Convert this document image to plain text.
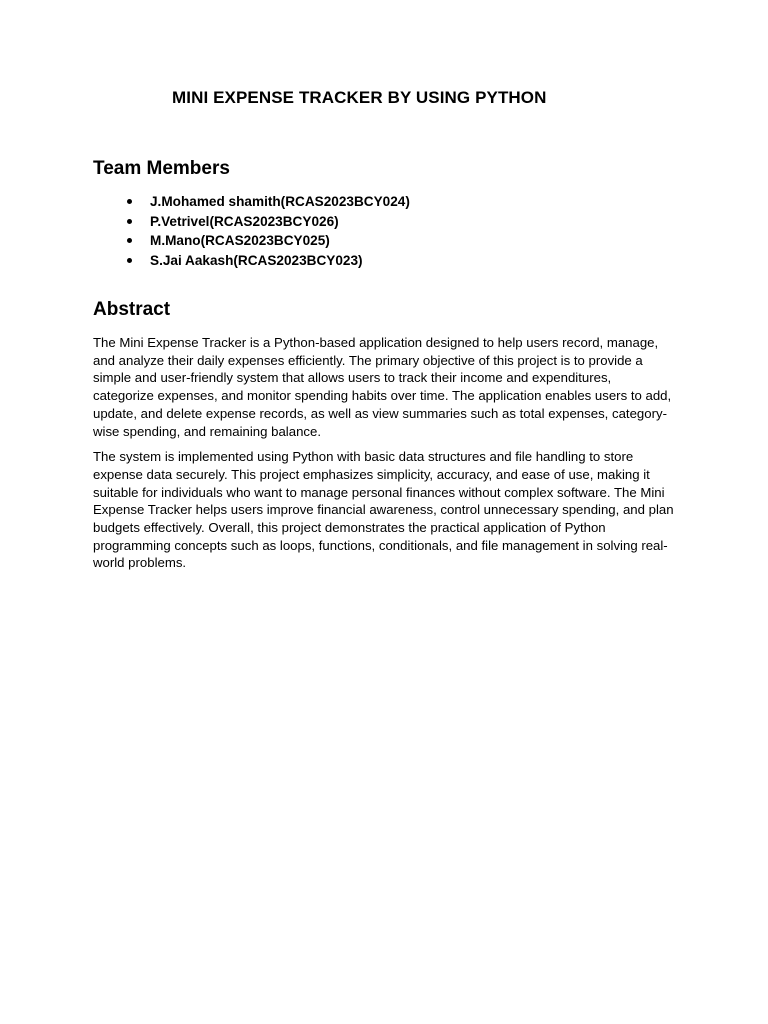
MINI EXPENSE TRACKER BY USING PYTHON
Team Members
J.Mohamed shamith(RCAS2023BCY024)
P.Vetrivel(RCAS2023BCY026)
M.Mano(RCAS2023BCY025)
S.Jai Aakash(RCAS2023BCY023)
Abstract

The Mini Expense Tracker is a Python-based application designed to help users record, manage, and analyze their daily expenses efficiently. The primary objective of this project is to provide a simple and user-friendly system that allows users to track their income and expenditures, categorize expenses, and monitor spending habits over time. The application enables users to add, update, and delete expense records, as well as view summaries such as total expenses, category-wise spending, and remaining balance.

The system is implemented using Python with basic data structures and file handling to store expense data securely. This project emphasizes simplicity, accuracy, and ease of use, making it suitable for individuals who want to manage personal finances without complex software. The Mini Expense Tracker helps users improve financial awareness, control unnecessary spending, and plan budgets effectively. Overall, this project demonstrates the practical application of Python programming concepts such as loops, functions, conditionals, and file management in solving real-world problems.
